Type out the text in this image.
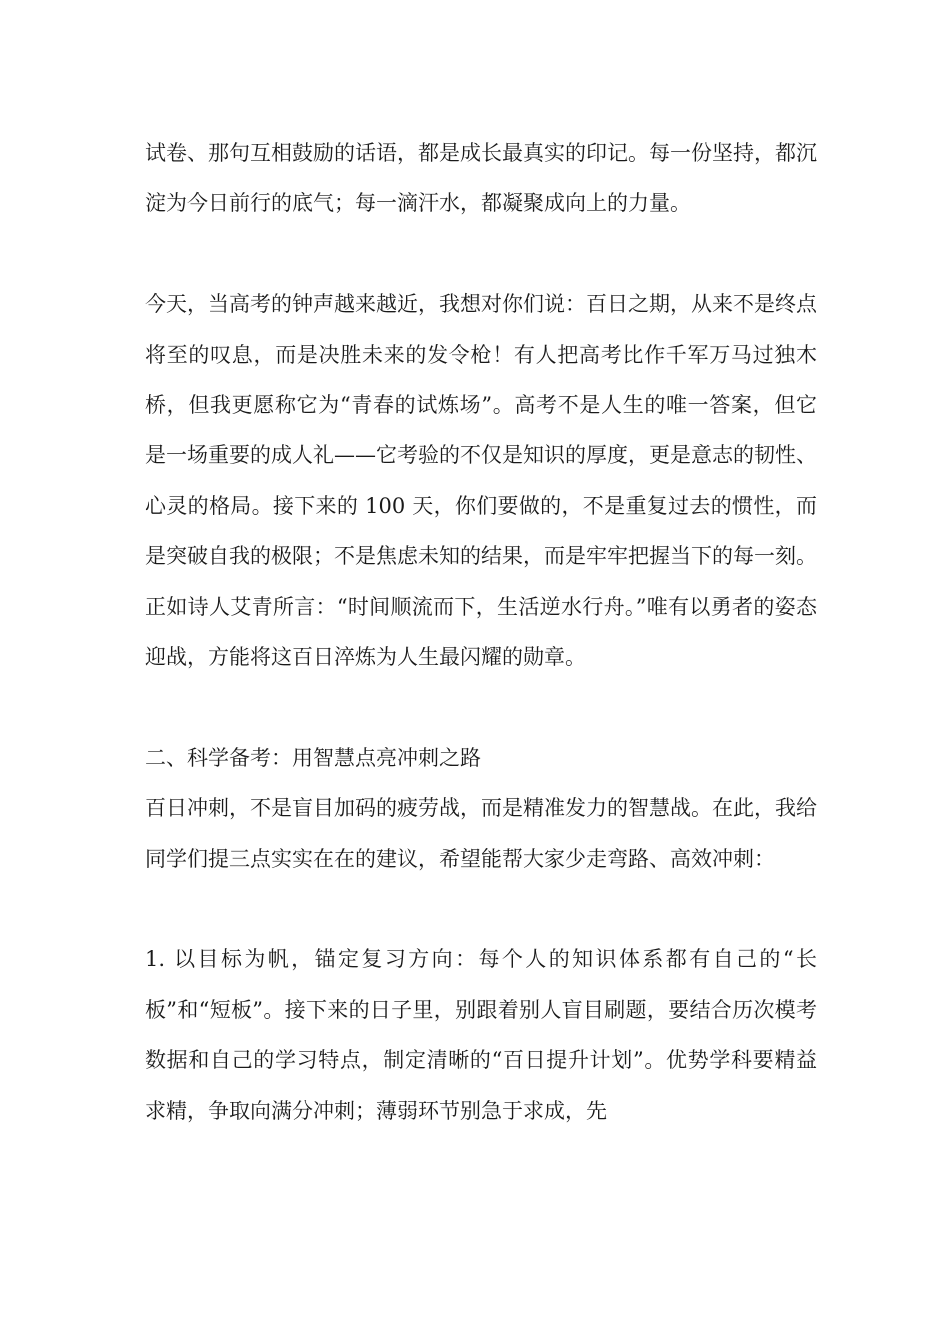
试卷、那句互相鼓励的话语，都是成长最真实的印记。每一份坚持，都沉淀为今日前行的底气；每一滴汗水，都凝聚成向上的力量。

今天，当高考的钟声越来越近，我想对你们说：百日之期，从来不是终点将至的叹息，而是决胜未来的发令枪！有人把高考比作千军万马过独木桥，但我更愿称它为“青春的试炼场”。高考不是人生的唯一答案，但它是一场重要的成人礼——它考验的不仅是知识的厚度，更是意志的韧性、心灵的格局。接下来的 100 天，你们要做的，不是重复过去的惯性，而是突破自我的极限；不是焦虑未知的结果，而是牢牢把握当下的每一刻。正如诗人艾青所言：“时间顺流而下，生活逆水行舟。”唯有以勇者的姿态迎战，方能将这百日淬炼为人生最闪耀的勋章。

二、科学备考：用智慧点亮冲刺之路

百日冲刺，不是盲目加码的疲劳战，而是精准发力的智慧战。在此，我给同学们提三点实实在在的建议，希望能帮大家少走弯路、高效冲刺：

1. 以目标为帆，锚定复习方向：每个人的知识体系都有自己的“长板”和“短板”。接下来的日子里，别跟着别人盲目刷题，要结合历次模考数据和自己的学习特点，制定清晰的“百日提升计划”。优势学科要精益求精，争取向满分冲刺；薄弱环节别急于求成，先
